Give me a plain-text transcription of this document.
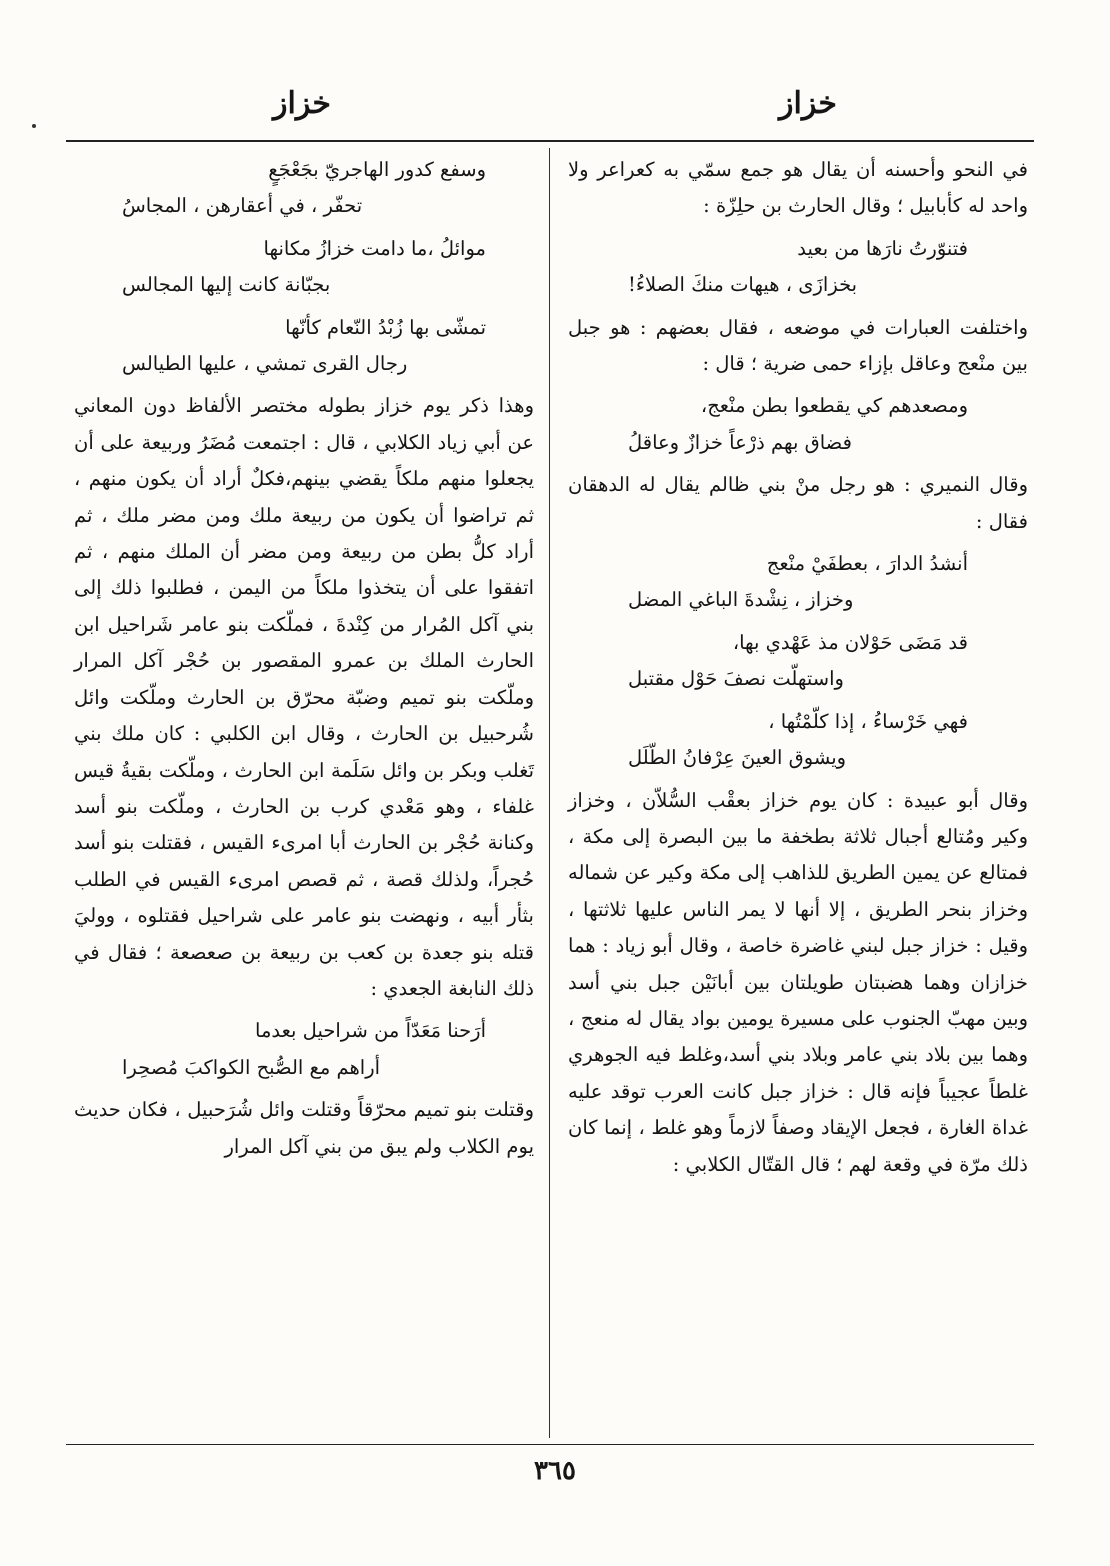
خزاز
خزاز

في النحو وأحسنه أن يقال هو جمع سمّي به كعراعر ولا واحد له كأبابيل ؛ وقال الحارث بن حلِزّة :

فتنوّرتُ نارَها من بعيد
بخزازَى ، هيهات منكَ الصلاءُ!

واختلفت العبارات في موضعه ، فقال بعضهم : هو جبل بين منْعج وعاقل بإزاء حمى ضرية ؛ قال :

ومصعدهم كي يقطعوا بطن منْعج،
فضاق بهم ذرْعاً خزازٌ وعاقلُ

وقال النميري : هو رجل منْ بني ظالم يقال له الدهقان فقال :

أنشدُ الدارَ ، بعطفَيْ منْعج
وخزاز ، نِشْدةَ الباغي المضل
قد مَضَى حَوْلان مذ عَهْدي بها،
واستهلّت نصفَ حَوْل مقتبل
فهي خَرْساءُ ، إذا كلّمْتُها ،
ويشوق العينَ عِرْفانُ الطّلَل

وقال أبو عبيدة : كان يوم خزاز بعقْب السُّلاّن ، وخزاز وكير ومُتالع أجبال ثلاثة بطخفة ما بين البصرة إلى مكة ، فمتالع عن يمين الطريق للذاهب إلى مكة وكير عن شماله وخزاز بنحر الطريق ، إلا أنها لا يمر الناس عليها ثلاثتها ، وقيل : خزاز جبل لبني غاضرة خاصة ، وقال أبو زياد : هما خزازان وهما هضبتان طويلتان بين أبانَيْن جبل بني أسد وبين مهبّ الجنوب على مسيرة يومين بواد يقال له منعج ، وهما بين بلاد بني عامر وبلاد بني أسد،وغلط فيه الجوهري غلطاً عجيباً فإنه قال : خزاز جبل كانت العرب توقد عليه غداة الغارة ، فجعل الإيقاد وصفاً لازماً وهو غلط ، إنما كان ذلك مرّة في وقعة لهم ؛ قال القتّال الكلابي :

وسفع كدور الهاجريّ بجَعْجَعٍ
تحفّر ، في أعقارهن ، المجاسُ
موائلُ ،ما دامت خزازُ مكانها
بجبّانة كانت إليها المجالس
تمشّى بها زُبْدُ النّعام كأنّها
رجال القرى تمشي ، عليها الطيالس

وهذا ذكر يوم خزاز بطوله مختصر الألفاظ دون المعاني عن أبي زياد الكلابي ، قال : اجتمعت مُضَرُ وربيعة على أن يجعلوا منهم ملكاً يقضي بينهم،فكلٌ أراد أن يكون منهم ، ثم تراضوا أن يكون من ربيعة ملك ومن مضر ملك ، ثم أراد كلُّ بطن من ربيعة ومن مضر أن الملك منهم ، ثم اتفقوا على أن يتخذوا ملكاً من اليمن ، فطلبوا ذلك إلى بني آكل المُرار من كِنْدةَ ، فملّكت بنو عامر شَراحيل ابن الحارث الملك بن عمرو المقصور بن حُجْر آكل المرار وملّكت بنو تميم وضبّة محرّق بن الحارث وملّكت وائل شُرحبيل بن الحارث ، وقال ابن الكلبي : كان ملك بني تَغلب وبكر بن وائل سَلَمة ابن الحارث ، وملّكت بقيةُ قيس غلفاء ، وهو مَعْدي كرب بن الحارث ، وملّكت بنو أسد وكنانة حُجْر بن الحارث أبا امرىء القيس ، فقتلت بنو أسد حُجراً، ولذلك قصة ، ثم قصص امرىء القيس في الطلب بثأر أبيه ، ونهضت بنو عامر على شراحيل فقتلوه ، ووليَ قتله بنو جعدة بن كعب بن ربيعة بن صعصعة ؛ فقال في ذلك النابغة الجعدي :

أرَحنا مَعَدّاً من شراحيل بعدما
أراهم مع الصُّبح الكواكبَ مُصحِرا

وقتلت بنو تميم محرّقاً وقتلت وائل شُرَحبيل ، فكان حديث يوم الكلاب ولم يبق من بني آكل المرار

٣٦٥
